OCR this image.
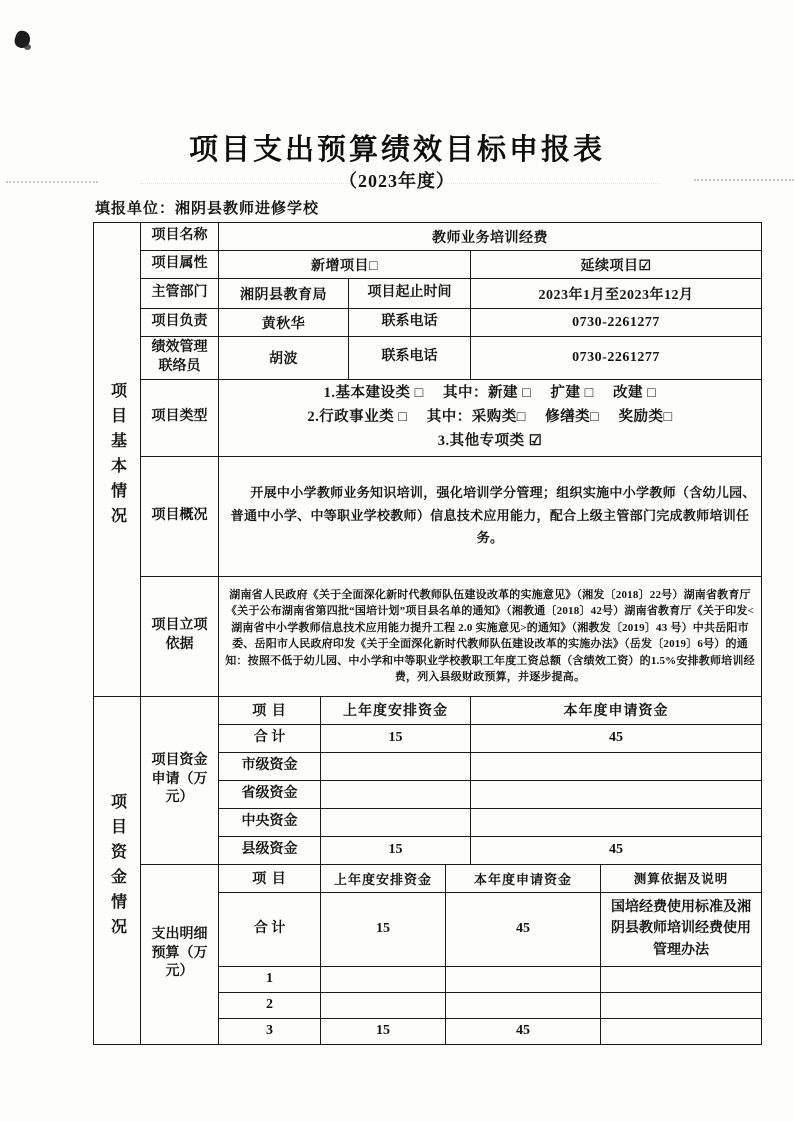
项目支出预算绩效目标申报表
（2023年度）
填报单位：湘阴县教师进修学校
项目基本情况	项目名称	教师业务培训经费					
	项目属性	新增项目□				延续项目☑	
	主管部门	湘阴县教育局		项目起止时间		2023年1月至2023年12月	
	项目负责	黄秋华		联系电话		0730-2261277	
	绩效管理联络员	胡波		联系电话		0730-2261277	
	项目类型	1.基本建设类 □　 其中：新建 □　 扩建 □　 改建 □
2.行政事业类 □　 其中：采购类□　 修缮类□　 奖励类□
3.其他专项类 ☑					

	项目概况	开展中小学教师业务知识培训，强化培训学分管理；组织实施中小学教师（含幼儿园、普通中小学、中等职业学校教师）信息技术应用能力，配合上级主管部门完成教师培训任务。					

	项目立项依据	湖南省人民政府《关于全面深化新时代教师队伍建设改革的实施意见》（湘发〔2018〕22号）湖南省教育厅《关于公布湖南省第四批“国培计划”项目县名单的通知》（湘教通〔2018〕42号）湖南省教育厅《关于印发<湖南省中小学教师信息技术应用能力提升工程 2.0 实施意见>的通知》（湘教发〔2019〕43 号）中共岳阳市委、岳阳市人民政府印发《关于全面深化新时代教师队伍建设改革的实施办法》（岳发〔2019〕6号）的通知：按照不低于幼儿园、中小学和中等职业学校教职工年度工资总额（含绩效工资）的1.5%安排教师培训经费，列入县级财政预算，并逐步提高。					

项目资金情况	项目资金申请（万元）	项 目	上年度安排资金			本年度申请资金	
		合 计	15			45	
		市级资金					
		省级资金					
		中央资金					
		县级资金	15			45	
	支出明细预算（万元）	项 目	上年度安排资金		本年度申请资金		测算依据及说明
		合 计	15		45		国培经费使用标准及湘阴县教师培训经费使用管理办法
		1					
		2					
		3	15		45		
